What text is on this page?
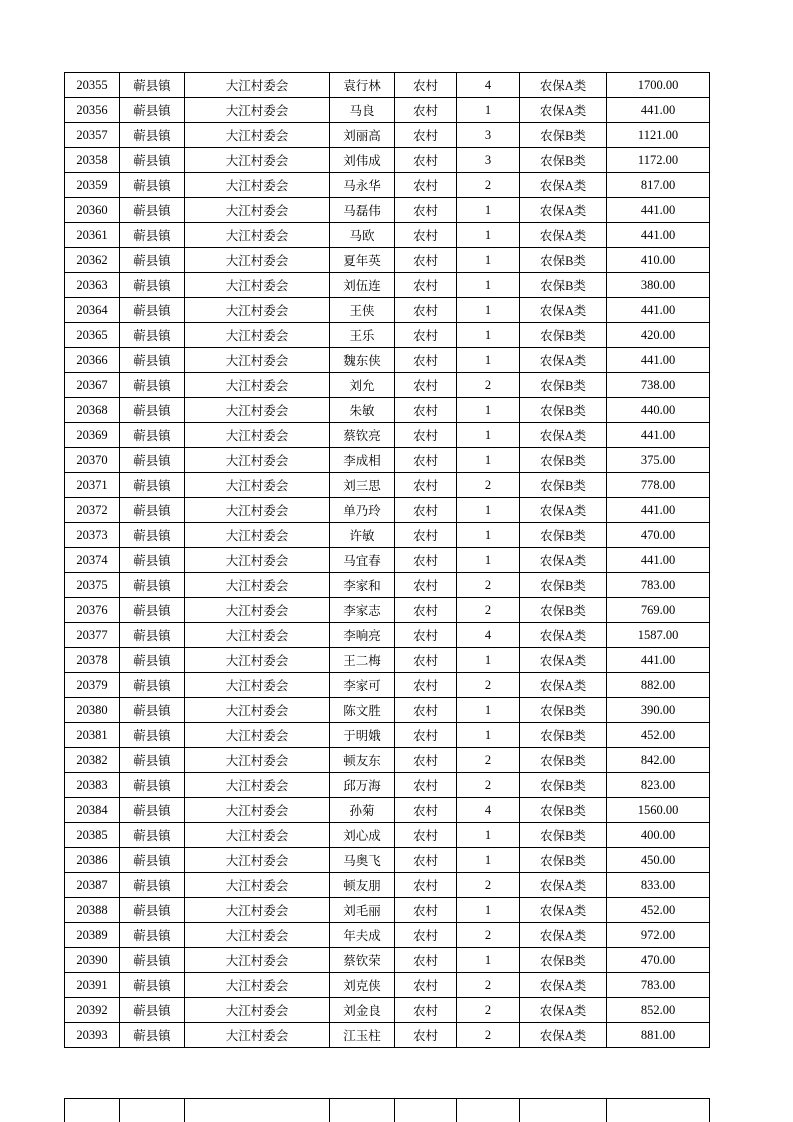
20355	蕲县镇	大江村委会	袁行林	农村	4	农保A类	1700.00
20356	蕲县镇	大江村委会	马良	农村	1	农保A类	441.00
20357	蕲县镇	大江村委会	刘丽高	农村	3	农保B类	1121.00
20358	蕲县镇	大江村委会	刘伟成	农村	3	农保B类	1172.00
20359	蕲县镇	大江村委会	马永华	农村	2	农保A类	817.00
20360	蕲县镇	大江村委会	马磊伟	农村	1	农保A类	441.00
20361	蕲县镇	大江村委会	马欧	农村	1	农保A类	441.00
20362	蕲县镇	大江村委会	夏年英	农村	1	农保B类	410.00
20363	蕲县镇	大江村委会	刘伍连	农村	1	农保B类	380.00
20364	蕲县镇	大江村委会	王侠	农村	1	农保A类	441.00
20365	蕲县镇	大江村委会	王乐	农村	1	农保B类	420.00
20366	蕲县镇	大江村委会	魏东侠	农村	1	农保A类	441.00
20367	蕲县镇	大江村委会	刘允	农村	2	农保B类	738.00
20368	蕲县镇	大江村委会	朱敏	农村	1	农保B类	440.00
20369	蕲县镇	大江村委会	蔡钦亮	农村	1	农保A类	441.00
20370	蕲县镇	大江村委会	李成相	农村	1	农保B类	375.00
20371	蕲县镇	大江村委会	刘三思	农村	2	农保B类	778.00
20372	蕲县镇	大江村委会	单乃玲	农村	1	农保A类	441.00
20373	蕲县镇	大江村委会	许敏	农村	1	农保B类	470.00
20374	蕲县镇	大江村委会	马宜春	农村	1	农保A类	441.00
20375	蕲县镇	大江村委会	李家和	农村	2	农保B类	783.00
20376	蕲县镇	大江村委会	李家志	农村	2	农保B类	769.00
20377	蕲县镇	大江村委会	李响亮	农村	4	农保A类	1587.00
20378	蕲县镇	大江村委会	王二梅	农村	1	农保A类	441.00
20379	蕲县镇	大江村委会	李家可	农村	2	农保A类	882.00
20380	蕲县镇	大江村委会	陈文胜	农村	1	农保B类	390.00
20381	蕲县镇	大江村委会	于明娥	农村	1	农保B类	452.00
20382	蕲县镇	大江村委会	顿友东	农村	2	农保B类	842.00
20383	蕲县镇	大江村委会	邱万海	农村	2	农保B类	823.00
20384	蕲县镇	大江村委会	孙菊	农村	4	农保B类	1560.00
20385	蕲县镇	大江村委会	刘心成	农村	1	农保B类	400.00
20386	蕲县镇	大江村委会	马奥飞	农村	1	农保B类	450.00
20387	蕲县镇	大江村委会	顿友朋	农村	2	农保A类	833.00
20388	蕲县镇	大江村委会	刘毛丽	农村	1	农保A类	452.00
20389	蕲县镇	大江村委会	年夫成	农村	2	农保A类	972.00
20390	蕲县镇	大江村委会	蔡钦荣	农村	1	农保B类	470.00
20391	蕲县镇	大江村委会	刘克侠	农村	2	农保A类	783.00
20392	蕲县镇	大江村委会	刘金良	农村	2	农保A类	852.00
20393	蕲县镇	大江村委会	江玉柱	农村	2	农保A类	881.00
